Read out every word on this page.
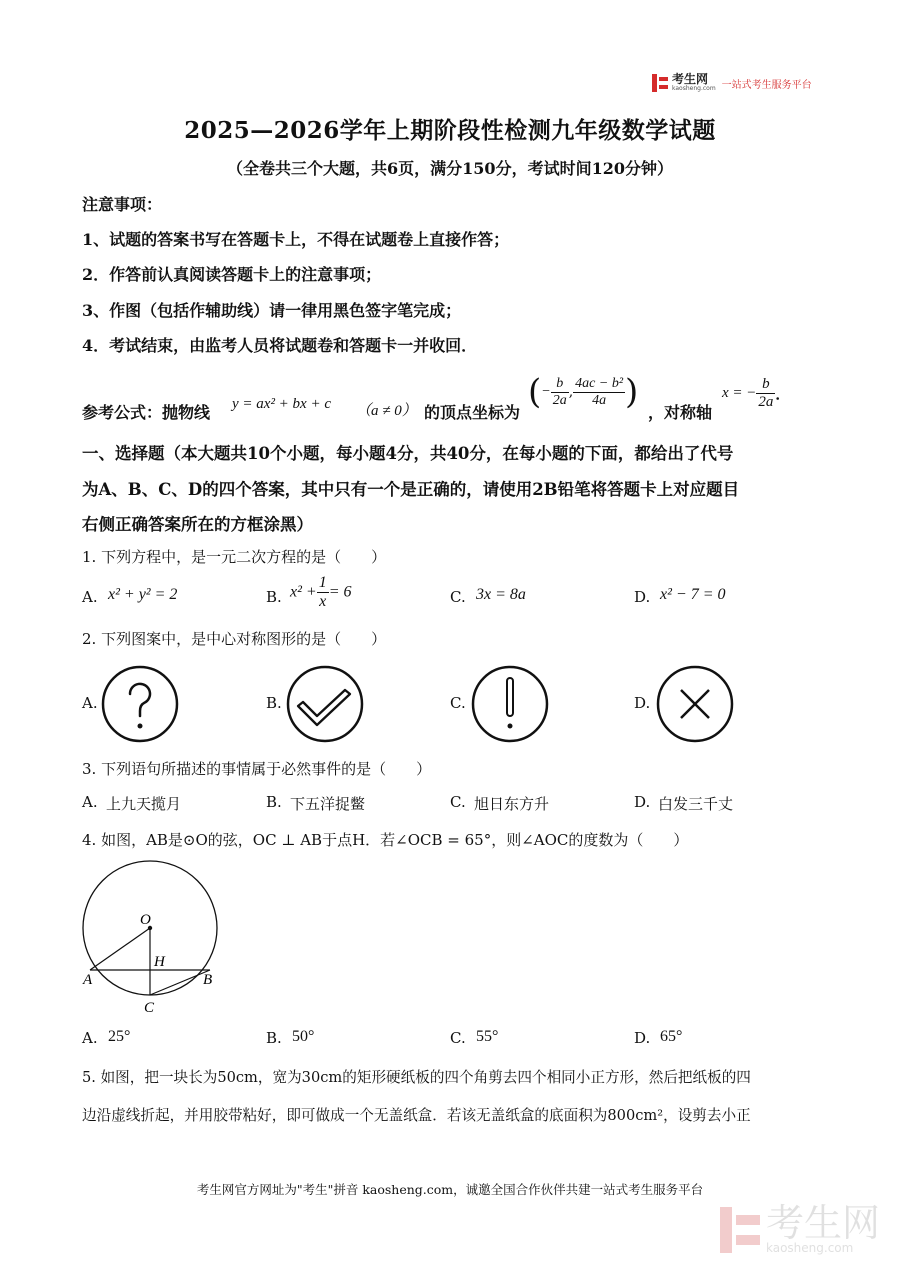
考生网
kaosheng.com 一站式考生服务平台
2025—2026学年上期阶段性检测九年级数学试题
（全卷共三个大题，共6页，满分150分，考试时间120分钟）
注意事项：
1、试题的答案书写在答题卡上，不得在试题卷上直接作答；
2．作答前认真阅读答题卡上的注意事项；
3、作图（包括作辅助线）请一律用黑色签字笔完成；
4．考试结束，由监考人员将试题卷和答题卡一并收回．
参考公式：抛物线 y = ax² + bx + c （a ≠ 0） 的顶点坐标为
(− $\frac{b}{2a}$ , $\frac{\text{4ac − b²}}{4a}$ )
，对称轴
x = − $\frac{b}{2a}$ ．
一、选择题（本大题共10个小题，每小题4分，共40分，在每小题的下面，都给出了代号
为A、B、C、D的四个答案，其中只有一个是正确的，请使用2B铅笔将答题卡上对应题目
右侧正确答案所在的方框涂黑）
1. 下列方程中，是一元二次方程的是（　　）
A. x² + y² = 2	B. $x^2 + \frac{1}{x} = 6$	C. 3x = 8a	D. x² − 7 = 0
2. 下列图案中，是中心对称图形的是（　　）
A.	B.	C.	D.
3. 下列语句所描述的事情属于必然事件的是（　　）
A. 上九天揽月	B. 下五洋捉鳖	C. 旭日东方升	D. 白发三千丈
4. 如图，AB是⊙O的弦，OC ⊥ AB于点H．若∠OCB = 65°，则∠AOC的度数为（　　）
O
H
A	B
C
A. 25°	B. 50°	C. 55°	D. 65°
5. 如图，把一块长为50cm，宽为30cm的矩形硬纸板的四个角剪去四个相同小正方形，然后把纸板的四
边沿虚线折起，并用胶带粘好，即可做成一个无盖纸盒．若该无盖纸盒的底面积为800cm²，设剪去小正
考生网官方网址为"考生"拼音 kaosheng.com，诚邀全国合作伙伴共建一站式考生服务平台
考生网
kaosheng.com
